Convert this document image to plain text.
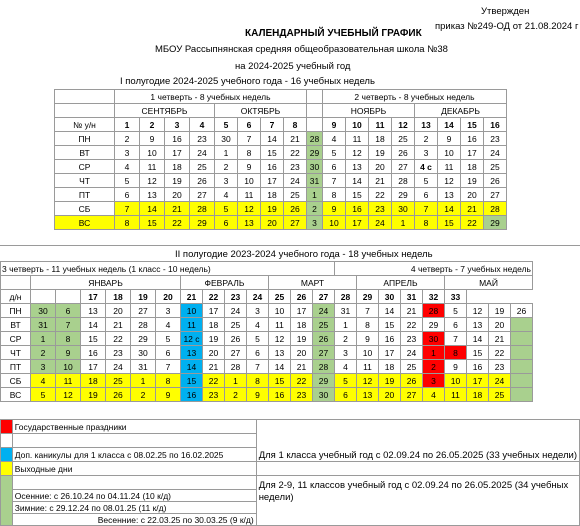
Утвержден
приказ №249-ОД от 21.08.2024 г
КАЛЕНДАРНЫЙ УЧЕБНЫЙ ГРАФИК
МБОУ Рассыпнянская средняя общеобразовательная школа №38
на 2024-2025 учебный год
I полугодие 2024-2025 учебного года - 16 учебных недель
	1 четверть - 8 учебных недель									2 четверть - 8 учебных недель							
	СЕНТЯБРЬ				ОКТЯБРЬ					НОЯБРЬ				ДЕКАБРЬ			
№ у/н	1	2	3	4	5	6	7	8		9	10	11	12	13	14	15	16
ПН	2	9	16	23	30	7	14	21	28	4	11	18	25	2	9	16	23
ВТ	3	10	17	24	1	8	15	22	29	5	12	19	26	3	10	17	24
СР	4	11	18	25	2	9	16	23	30	6	13	20	27	4 с	11	18	25
ЧТ	5	12	19	26	3	10	17	24	31	7	14	21	28	5	12	19	26
ПТ	6	13	20	27	4	11	18	25	1	8	15	22	29	6	13	20	27
СБ	7	14	21	28	5	12	19	26	2	9	16	23	30	7	14	21	28
ВС	8	15	22	29	6	13	20	27	3	10	17	24	1	8	15	22	29
II полугодие 2023-2024 учебного года - 18 учебных недель
3 четверть - 11 учебных недель (1 класс - 10 недель)														4 четверть - 7 учебных недель								
	ЯНВАРЬ						ФЕВРАЛЬ				МАРТ				АПРЕЛЬ				МАЙ			
д/н			17	18	19	20	21	22	23	24	25	26	27	28	29	30	31	32	33			
ПН	30	6	13	20	27	3	10	17	24	3	10	17	24	31	7	14	21	28	5	12	19	26
ВТ	31	7	14	21	28	4	11	18	25	4	11	18	25	1	8	15	22	29	6	13	20	
СР	1	8	15	22	29	5	12 с	19	26	5	12	19	26	2	9	16	23	30	7	14	21	
ЧТ	2	9	16	23	30	6	13	20	27	6	13	20	27	3	10	17	24	1	8	15	22	
ПТ	3	10	17	24	31	7	14	21	28	7	14	21	28	4	11	18	25	2	9	16	23	
СБ	4	11	18	25	1	8	15	22	1	8	15	22	29	5	12	19	26	3	10	17	24	
ВС	5	12	19	26	2	9	16	23	2	9	16	23	30	6	13	20	27	4	11	18	25	
	Государственные праздники	Для 1 класса учебный год с 02.09.24 по 26.05.2025 (33 учебных недели)

	Доп. каникулы для 1 класса с 08.02.25 по 16.02.2025	
	Выходные дни	
		Для 2-9, 11 классов учебный год с 02.09.24 по 26.05.2025 (34 учебных недели)
	Осенние: с 26.10.24 по 04.11.24 (10 к/д)	
	Зимние: с 29.12.24 по 08.01.25 (11 к/д)	

Весенние: с 22.03.25 по 30.03.25 (9 к/д)	
